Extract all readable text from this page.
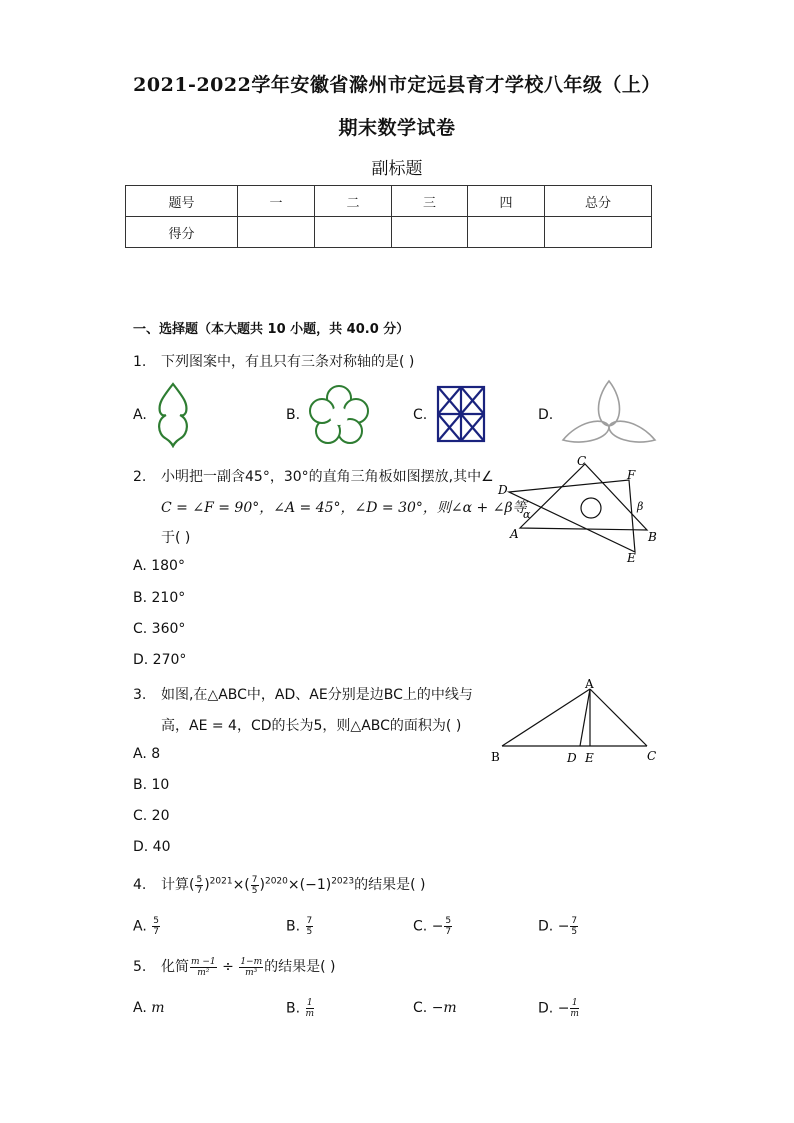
2021-2022学年安徽省滁州市定远县育才学校八年级（上）
期末数学试卷
副标题
题号	一	二	三	四	总分
得分					
一、选择题（本大题共 10 小题，共 40.0 分）
1. 下列图案中，有且只有三条对称轴的是( )
A.	B.	C.	D.
2. 小明把一副含45°，30°的直角三角板如图摆放,其中∠
C = ∠F = 90°，∠A = 45°，∠D = 30°，则∠α + ∠β等
于( )
A. 180°
B. 210°
C. 360°
D. 270°
C
F
D
α
β
A	B
E
3. 如图,在△ABC中，AD、AE分别是边BC上的中线与
高，AE = 4，CD的长为5，则△ABC的面积为( )
A. 8
B. 10
C. 20
D. 40
A
B	D E	C
4. 计算( $\frac{5}{7} )^{2021}\times( \frac{7}{5} )^{2020}\times(-1)^{2023}$的结果是( )
A. $\frac{5}{7}$	B. $\frac{7}{5}$	C. − $\frac{5}{7}$	D. − $\frac{7}{5}$
5. 化简 $\frac{m -1}{\text{m²}} \div \frac{1-m}{\text{m³}}$ 的结果是( )
A. m	B. $\frac{1}{m}$	C. −m	D. − $\frac{1}{m}$
